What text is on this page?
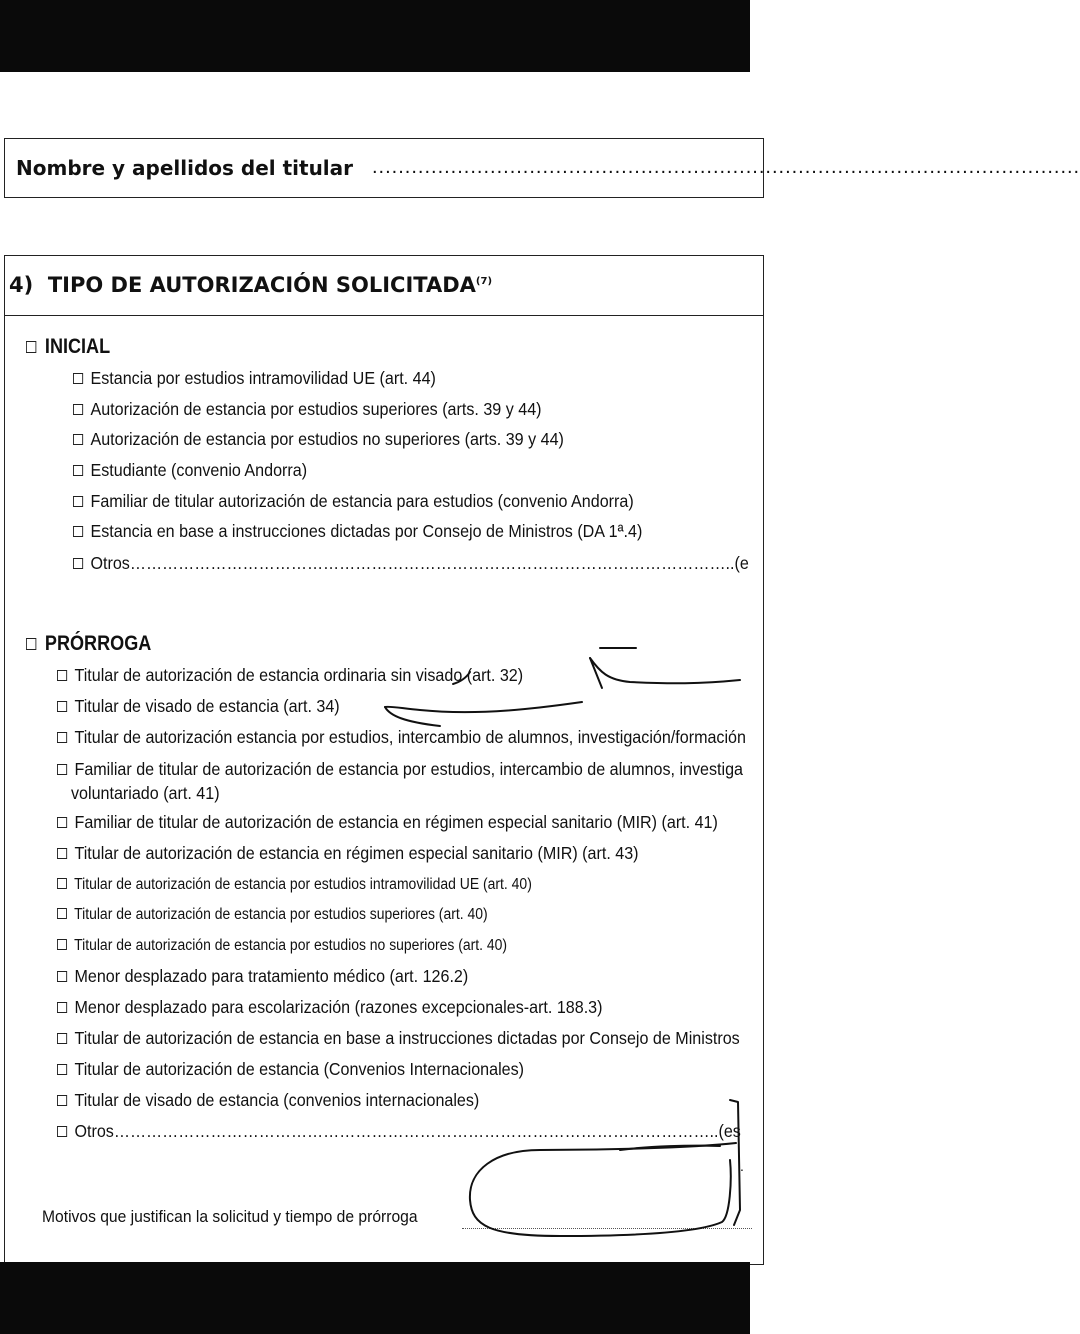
Nombre y apellidos del titular ............................................................................................................
4) TIPO DE AUTORIZACIÓN SOLICITADA$^{(7)}$
INICIAL
Estancia por estudios intramovilidad UE (art. 44)
Autorización de estancia por estudios superiores (arts. 39 y 44)
Autorización de estancia por estudios no superiores (arts. 39 y 44)
Estudiante (convenio Andorra)
Familiar de titular autorización de estancia para estudios (convenio Andorra)
Estancia en base a instrucciones dictadas por Consejo de Ministros (DA 1ª.4)
Otros…………………………………………………………………………………………………..(e
PRÓRROGA
Titular de autorización de estancia ordinaria sin visado (art. 32)
Titular de visado de estancia (art. 34)
Titular de autorización estancia por estudios, intercambio de alumnos, investigación/formación
Familiar de titular de autorización de estancia por estudios, intercambio de alumnos, investiga
voluntariado (art. 41)
Familiar de titular de autorización de estancia en régimen especial sanitario (MIR) (art. 41)
Titular de autorización de estancia en régimen especial sanitario (MIR) (art. 43)
Titular de autorización de estancia por estudios intramovilidad UE (art. 40)
Titular de autorización de estancia por estudios superiores (art. 40)
Titular de autorización de estancia por estudios no superiores (art. 40)
Menor desplazado para tratamiento médico (art. 126.2)
Menor desplazado para escolarización (razones excepcionales-art. 188.3)
Titular de autorización de estancia en base a instrucciones dictadas por Consejo de Ministros
Titular de autorización de estancia (Convenios Internacionales)
Titular de visado de estancia (convenios internacionales)
Otros…………………………………………………………………………………………………..(es
.
Motivos que justifican la solicitud y tiempo de prórroga
